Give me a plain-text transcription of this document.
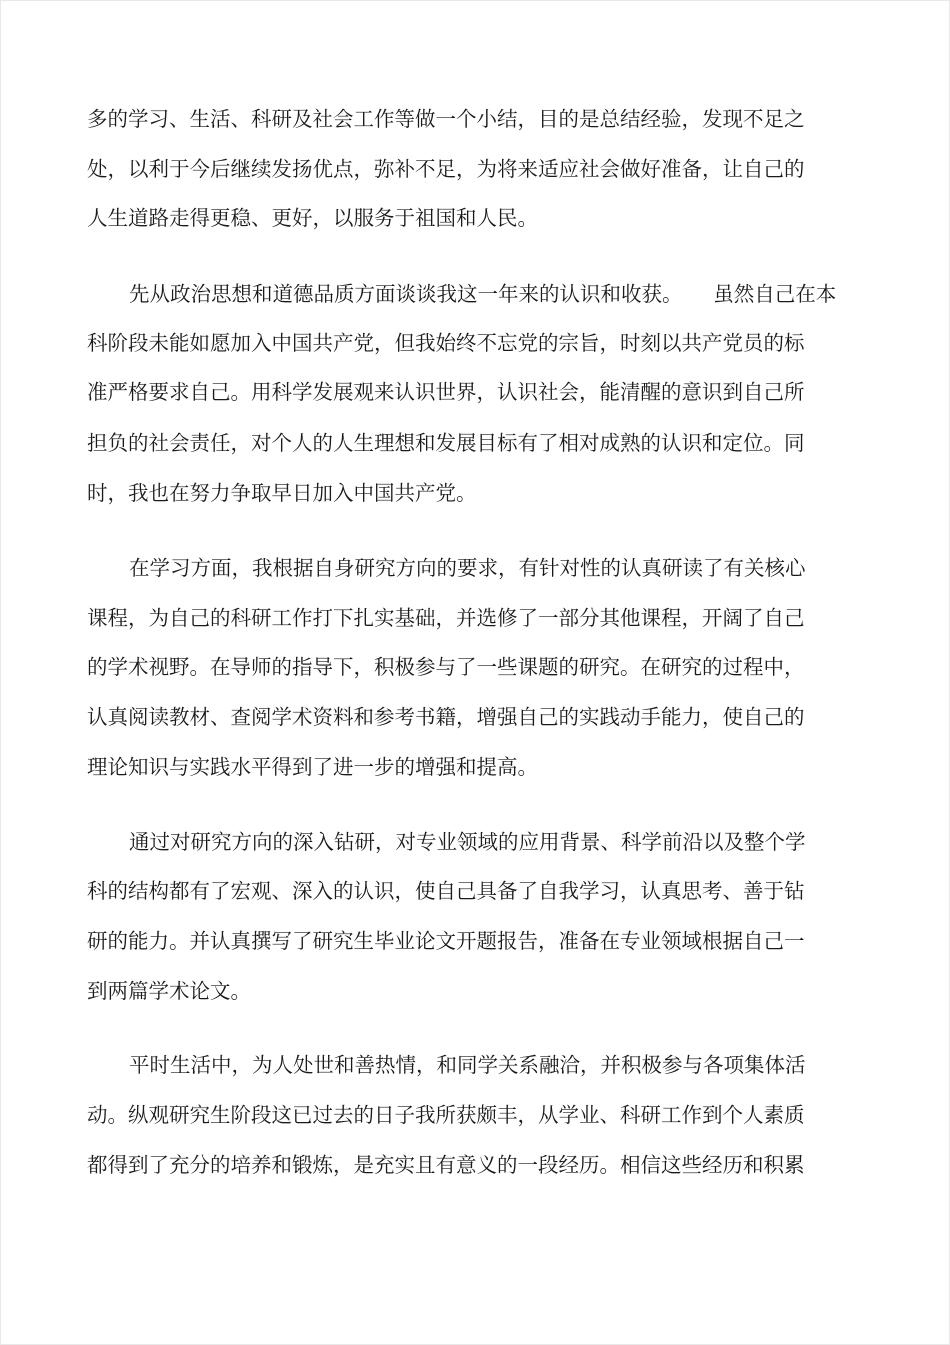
多的学习、生活、科研及社会工作等做一个小结，目的是总结经验，发现不足之

处，以利于今后继续发扬优点，弥补不足，为将来适应社会做好准备，让自己的

人生道路走得更稳、更好，以服务于祖国和人民。

先从政治思想和道德品质方面谈谈我这一年来的认识和收获。　　虽然自己在本

科阶段未能如愿加入中国共产党，但我始终不忘党的宗旨，时刻以共产党员的标

准严格要求自己。用科学发展观来认识世界，认识社会，能清醒的意识到自己所

担负的社会责任，对个人的人生理想和发展目标有了相对成熟的认识和定位。同

时，我也在努力争取早日加入中国共产党。

在学习方面，我根据自身研究方向的要求，有针对性的认真研读了有关核心

课程，为自己的科研工作打下扎实基础，并选修了一部分其他课程，开阔了自己

的学术视野。在导师的指导下，积极参与了一些课题的研究。在研究的过程中，

认真阅读教材、查阅学术资料和参考书籍，增强自己的实践动手能力，使自己的

理论知识与实践水平得到了进一步的增强和提高。

通过对研究方向的深入钻研，对专业领域的应用背景、科学前沿以及整个学

科的结构都有了宏观、深入的认识，使自己具备了自我学习，认真思考、善于钻

研的能力。并认真撰写了研究生毕业论文开题报告，准备在专业领域根据自己一

到两篇学术论文。

平时生活中，为人处世和善热情，和同学关系融洽，并积极参与各项集体活

动。纵观研究生阶段这已过去的日子我所获颇丰，从学业、科研工作到个人素质

都得到了充分的培养和锻炼，是充实且有意义的一段经历。相信这些经历和积累
